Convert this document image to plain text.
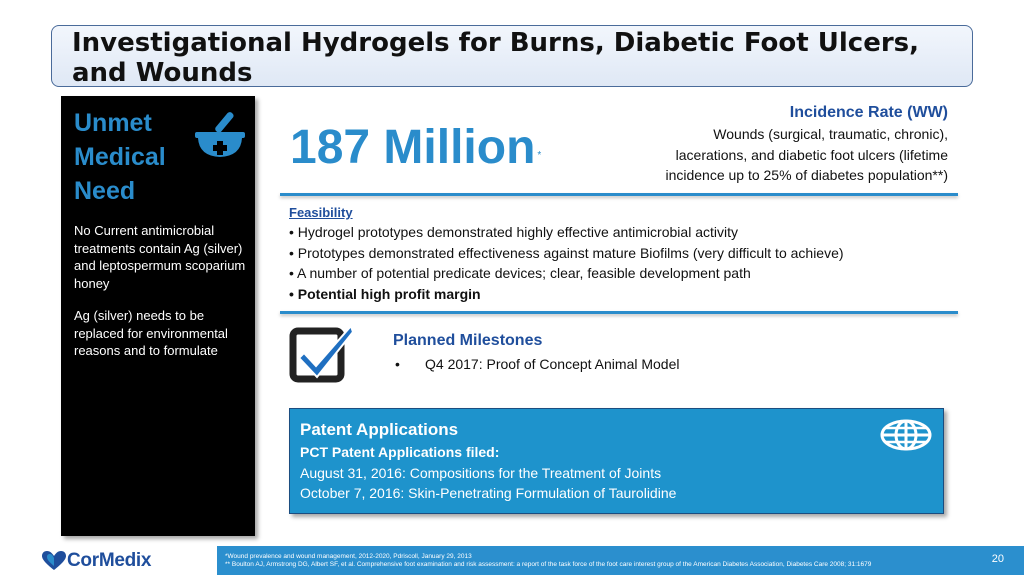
Investigational Hydrogels for Burns, Diabetic Foot Ulcers,
and Wounds
Unmet
Medical
Need
No Current antimicrobial treatments contain Ag (silver) and leptospermum scoparium honey
Ag (silver) needs to be replaced for environmental reasons and to formulate
187 Million *
Incidence Rate (WW)
Wounds (surgical, traumatic, chronic),
lacerations, and diabetic foot ulcers (lifetime
incidence up to 25% of diabetes population**)
Feasibility
• Hydrogel prototypes demonstrated highly effective antimicrobial activity
• Prototypes demonstrated effectiveness against mature Biofilms (very difficult to achieve)
• A number of potential predicate devices; clear, feasible development path
• Potential high profit margin
Planned Milestones
• Q4 2017: Proof of Concept Animal Model
Patent Applications
PCT Patent Applications filed:
August 31, 2016: Compositions for the Treatment of Joints
October 7, 2016: Skin-Penetrating Formulation of Taurolidine
CorMedix	*Wound prevalence and wound management, 2012-2020, Pdriscoll, January 29, 2013
** Boulton AJ, Armstrong DG, Albert SF, et al. Comprehensive foot examination and risk assessment: a report of the task force of the foot care interest group of the American Diabetes Association, Diabetes Care 2008; 31:1679	20
